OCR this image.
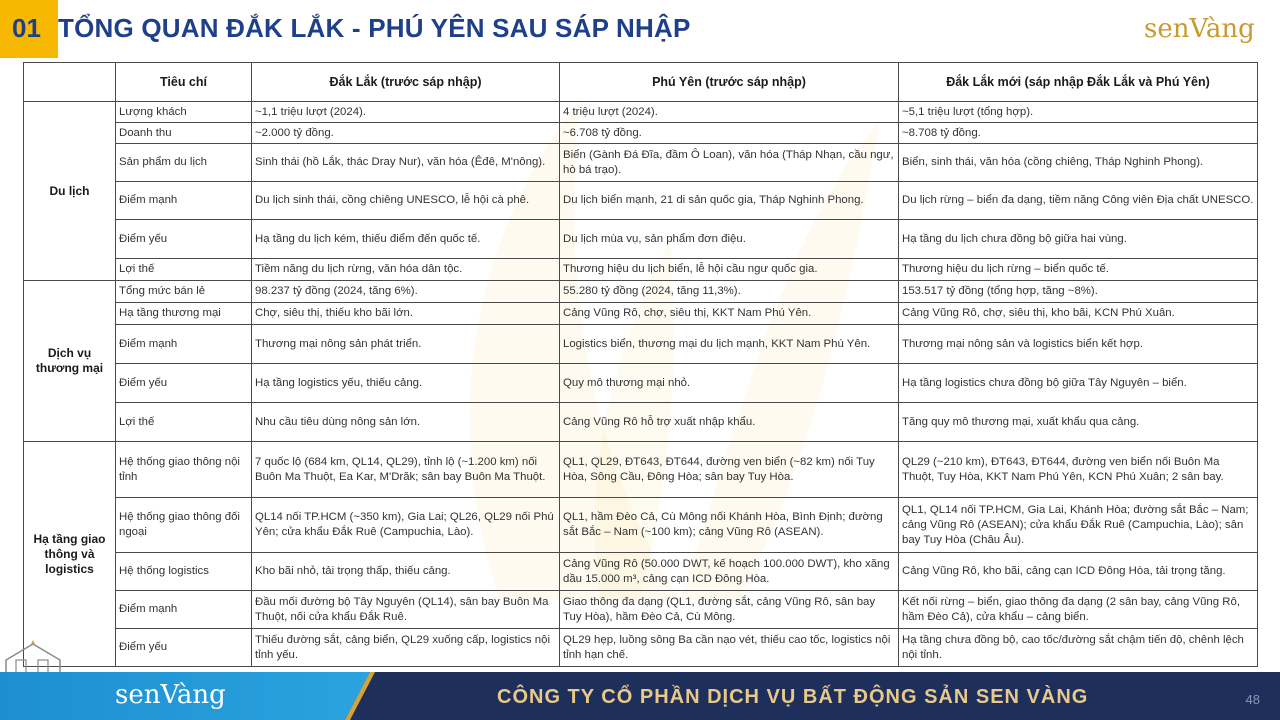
01 TỔNG QUAN ĐẮK LẮK - PHÚ YÊN SAU SÁP NHẬP	senVàng
	Tiêu chí	Đắk Lắk (trước sáp nhập)	Phú Yên (trước sáp nhập)	Đắk Lắk mới (sáp nhập Đắk Lắk và Phú Yên)
Du lịch	Lượng khách	~1,1 triệu lượt (2024).	4 triệu lượt (2024).	~5,1 triệu lượt (tổng hợp).
	Doanh thu	~2.000 tỷ đồng.	~6.708 tỷ đồng.	~8.708 tỷ đồng.
	Sản phẩm du lịch	Sinh thái (hồ Lắk, thác Dray Nur), văn hóa (Êđê, M'nông).	Biển (Gành Đá Đĩa, đầm Ô Loan), văn hóa (Tháp Nhạn, cầu ngư, hò bá trạo).	Biển, sinh thái, văn hóa (cồng chiêng, Tháp Nghinh Phong).
	Điểm mạnh	Du lịch sinh thái, cồng chiêng UNESCO, lễ hội cà phê.	Du lịch biển mạnh, 21 di sản quốc gia, Tháp Nghinh Phong.	Du lịch rừng – biển đa dạng, tiềm năng Công viên Địa chất UNESCO.
	Điểm yếu	Hạ tầng du lịch kém, thiếu điểm đến quốc tế.	Du lịch mùa vụ, sản phẩm đơn điệu.	Hạ tầng du lịch chưa đồng bộ giữa hai vùng.
	Lợi thế	Tiềm năng du lịch rừng, văn hóa dân tộc.	Thương hiệu du lịch biển, lễ hội cầu ngư quốc gia.	Thương hiệu du lịch rừng – biển quốc tế.
Dịch vụ thương mại	Tổng mức bán lẻ	98.237 tỷ đồng (2024, tăng 6%).	55.280 tỷ đồng (2024, tăng 11,3%).	153.517 tỷ đồng (tổng hợp, tăng ~8%).
	Hạ tầng thương mại	Chợ, siêu thị, thiếu kho bãi lớn.	Cảng Vũng Rô, chợ, siêu thị, KKT Nam Phú Yên.	Cảng Vũng Rô, chợ, siêu thị, kho bãi, KCN Phú Xuân.
	Điểm mạnh	Thương mại nông sản phát triển.	Logistics biển, thương mại du lịch mạnh, KKT Nam Phú Yên.	Thương mại nông sản và logistics biển kết hợp.
	Điểm yếu	Hạ tầng logistics yếu, thiếu cảng.	Quy mô thương mại nhỏ.	Hạ tầng logistics chưa đồng bộ giữa Tây Nguyên – biển.
	Lợi thế	Nhu cầu tiêu dùng nông sản lớn.	Cảng Vũng Rô hỗ trợ xuất nhập khẩu.	Tăng quy mô thương mại, xuất khẩu qua cảng.
Hạ tầng giao thông và logistics	Hệ thống giao thông nội tỉnh	7 quốc lộ (684 km, QL14, QL29), tỉnh lộ (~1.200 km) nối Buôn Ma Thuột, Ea Kar, M'Drăk; sân bay Buôn Ma Thuột.	QL1, QL29, ĐT643, ĐT644, đường ven biển (~82 km) nối Tuy Hòa, Sông Cầu, Đông Hòa; sân bay Tuy Hòa.	QL29 (~210 km), ĐT643, ĐT644, đường ven biển nối Buôn Ma Thuột, Tuy Hòa, KKT Nam Phú Yên, KCN Phú Xuân; 2 sân bay.
	Hệ thống giao thông đối ngoại	QL14 nối TP.HCM (~350 km), Gia Lai; QL26, QL29 nối Phú Yên; cửa khẩu Đắk Ruê (Campuchia, Lào).	QL1, hầm Đèo Cả, Cù Mông nối Khánh Hòa, Bình Định; đường sắt Bắc – Nam (~100 km); cảng Vũng Rô (ASEAN).	QL1, QL14 nối TP.HCM, Gia Lai, Khánh Hòa; đường sắt Bắc – Nam; cảng Vũng Rô (ASEAN); cửa khẩu Đắk Ruê (Campuchia, Lào); sân bay Tuy Hòa (Châu Âu).
	Hệ thống logistics	Kho bãi nhỏ, tải trọng thấp, thiếu cảng.	Cảng Vũng Rô (50.000 DWT, kế hoạch 100.000 DWT), kho xăng dầu 15.000 m³, cảng cạn ICD Đông Hòa.	Cảng Vũng Rô, kho bãi, cảng cạn ICD Đông Hòa, tải trọng tăng.
	Điểm mạnh	Đầu mối đường bộ Tây Nguyên (QL14), sân bay Buôn Ma Thuột, nối cửa khẩu Đắk Ruê.	Giao thông đa dạng (QL1, đường sắt, cảng Vũng Rô, sân bay Tuy Hòa), hầm Đèo Cả, Cù Mông.	Kết nối rừng – biển, giao thông đa dạng (2 sân bay, cảng Vũng Rô, hầm Đèo Cả), cửa khẩu – cảng biển.
	Điểm yếu	Thiếu đường sắt, cảng biển, QL29 xuống cấp, logistics nội tỉnh yếu.	QL29 hẹp, luồng sông Ba cần nạo vét, thiếu cao tốc, logistics nội tỉnh hạn chế.	Hạ tầng chưa đồng bộ, cao tốc/đường sắt chậm tiến độ, chênh lệch nội tỉnh.
senVàng	CÔNG TY CỔ PHẦN DỊCH VỤ BẤT ĐỘNG SẢN SEN VÀNG	48
